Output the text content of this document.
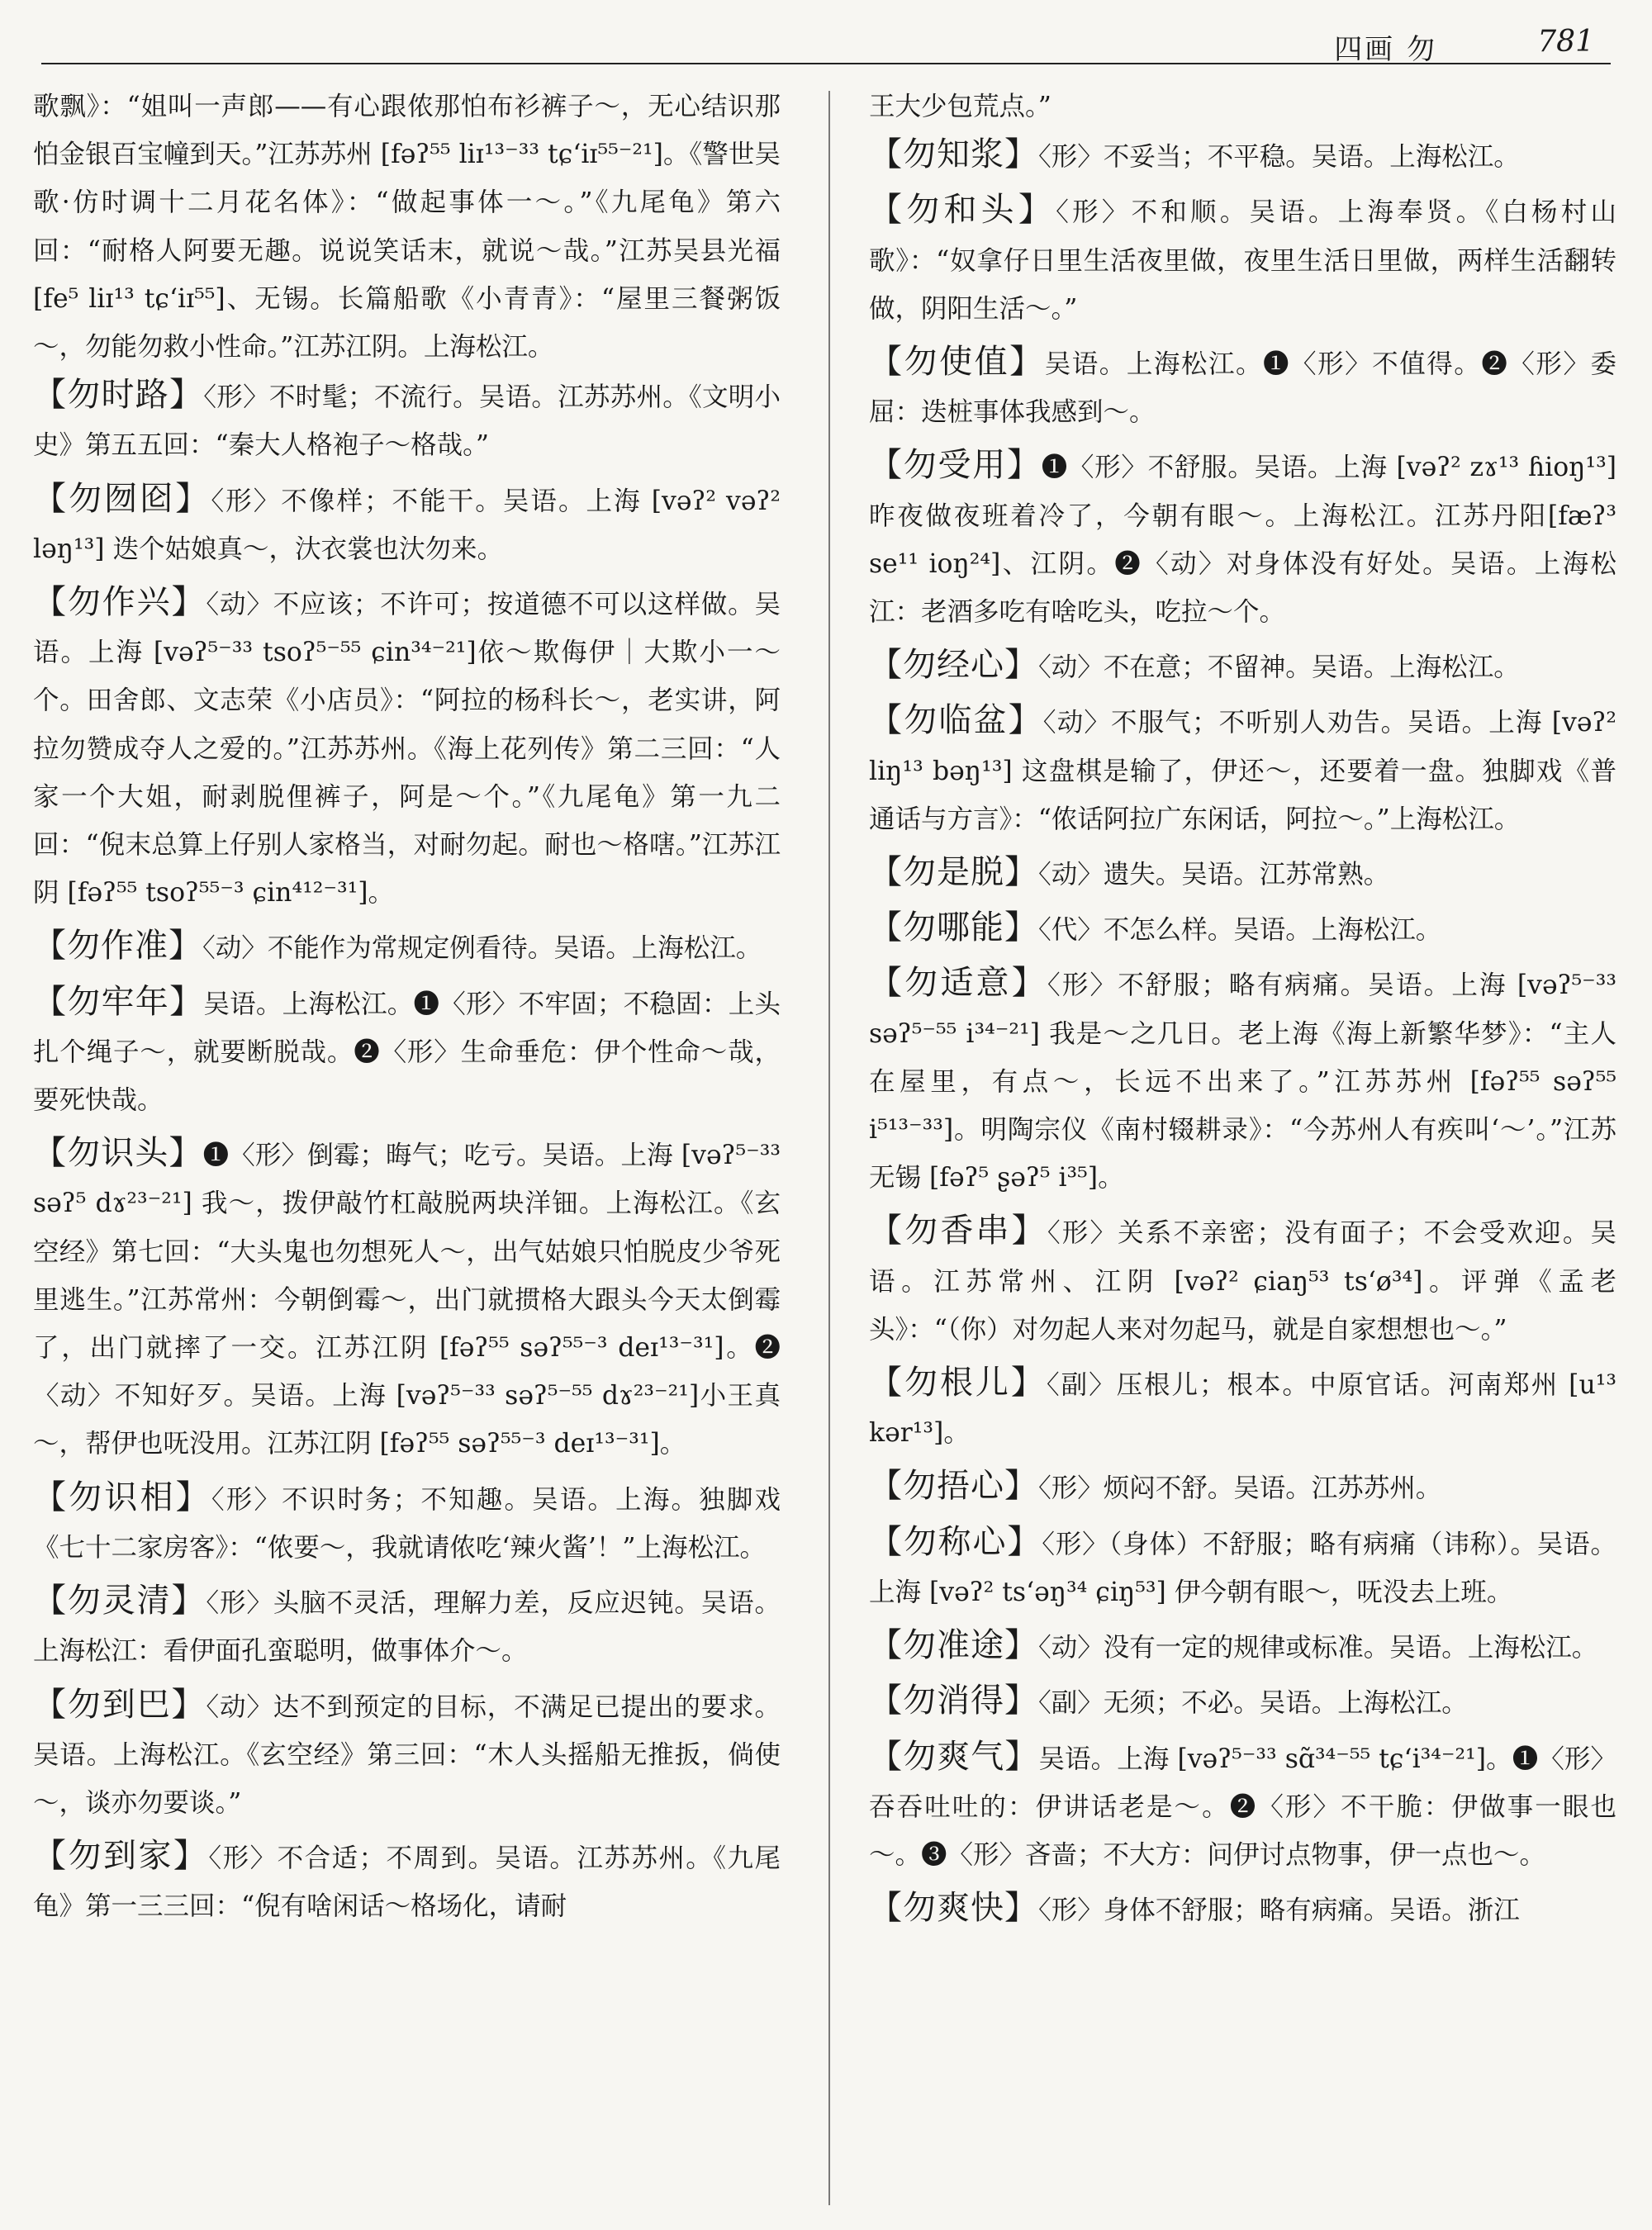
四画 勿	781

歌飘》：“姐叫一声郎——有心跟侬那怕布衫裤子～，无心结识那怕金银百宝幢到天。”江苏苏州 [fəʔ⁵⁵ liɪ¹³⁻³³ tɕʻiɪ⁵⁵⁻²¹]。《警世吴歌·仿时调十二月花名体》：“做起事体一～。”《九尾龟》第六回：“耐格人阿要无趣。说说笑话末，就说～哉。”江苏吴县光福 [fe⁵ liɪ¹³ tɕʻiɪ⁵⁵]、无锡。长篇船歌《小青青》：“屋里三餐粥饭～，勿能勿救小性命。”江苏江阴。上海松江。

【勿时路】〈形〉不时髦；不流行。吴语。江苏苏州。《文明小史》第五五回：“秦大人格袍子～格哉。”

【勿囫囵】〈形〉不像样；不能干。吴语。上海 [vəʔ² vəʔ² ləŋ¹³] 迭个姑娘真～，汏衣裳也汏勿来。

【勿作兴】〈动〉不应该；不许可；按道德不可以这样做。吴语。上海 [vəʔ⁵⁻³³ tsoʔ⁵⁻⁵⁵ ɕin³⁴⁻²¹]依～欺侮伊｜大欺小一～个。田舍郎、文志荣《小店员》：“阿拉的杨科长～，老实讲，阿拉勿赞成夺人之爱的。”江苏苏州。《海上花列传》第二三回：“人家一个大姐，耐剥脱俚裤子，阿是～个。”《九尾龟》第一九二回：“倪末总算上仔别人家格当，对耐勿起。耐也～格嗐。”江苏江阴 [fəʔ⁵⁵ tsoʔ⁵⁵⁻³ ɕin⁴¹²⁻³¹]。

【勿作准】〈动〉不能作为常规定例看待。吴语。上海松江。

【勿牢年】吴语。上海松江。❶〈形〉不牢固；不稳固：上头扎个绳子～，就要断脱哉。❷〈形〉生命垂危：伊个性命～哉，要死快哉。

【勿识头】❶〈形〉倒霉；晦气；吃亏。吴语。上海 [vəʔ⁵⁻³³ səʔ⁵ dɤ²³⁻²¹] 我～，拨伊敲竹杠敲脱两块洋钿。上海松江。《玄空经》第七回：“大头鬼也勿想死人～，出气姑娘只怕脱皮少爷死里逃生。”江苏常州：今朝倒霉～，出门就掼格大跟头今天太倒霉了，出门就摔了一交。江苏江阴 [fəʔ⁵⁵ səʔ⁵⁵⁻³ deɪ¹³⁻³¹]。❷〈动〉不知好歹。吴语。上海 [vəʔ⁵⁻³³ səʔ⁵⁻⁵⁵ dɤ²³⁻²¹]小王真～，帮伊也呒没用。江苏江阴 [fəʔ⁵⁵ səʔ⁵⁵⁻³ deɪ¹³⁻³¹]。

【勿识相】〈形〉不识时务；不知趣。吴语。上海。独脚戏《七十二家房客》：“侬要～，我就请侬吃‘辣火酱’！”上海松江。

【勿灵清】〈形〉头脑不灵活，理解力差，反应迟钝。吴语。上海松江：看伊面孔蛮聪明，做事体介～。

【勿到巴】〈动〉达不到预定的目标，不满足已提出的要求。吴语。上海松江。《玄空经》第三回：“木人头摇船无推扳，倘使～，谈亦勿要谈。”

【勿到家】〈形〉不合适；不周到。吴语。江苏苏州。《九尾龟》第一三三回：“倪有啥闲话～格场化，请耐

王大少包荒点。”

【勿知浆】〈形〉不妥当；不平稳。吴语。上海松江。

【勿和头】〈形〉不和顺。吴语。上海奉贤。《白杨村山歌》：“奴拿仔日里生活夜里做，夜里生活日里做，两样生活翻转做，阴阳生活～。”

【勿使值】吴语。上海松江。❶〈形〉不值得。❷〈形〉委屈：迭桩事体我感到～。

【勿受用】❶〈形〉不舒服。吴语。上海 [vəʔ² zɤ¹³ ɦioŋ¹³]昨夜做夜班着冷了，今朝有眼～。上海松江。江苏丹阳[fæʔ³ se¹¹ ioŋ²⁴]、江阴。❷〈动〉对身体没有好处。吴语。上海松江：老酒多吃有啥吃头，吃拉～个。

【勿经心】〈动〉不在意；不留神。吴语。上海松江。

【勿临盆】〈动〉不服气；不听别人劝告。吴语。上海 [vəʔ² liŋ¹³ bəŋ¹³] 这盘棋是输了，伊还～，还要着一盘。独脚戏《普通话与方言》：“侬话阿拉广东闲话，阿拉～。”上海松江。

【勿是脱】〈动〉遗失。吴语。江苏常熟。

【勿哪能】〈代〉不怎么样。吴语。上海松江。

【勿适意】〈形〉不舒服；略有病痛。吴语。上海 [vəʔ⁵⁻³³ səʔ⁵⁻⁵⁵ i³⁴⁻²¹] 我是～之几日。老上海《海上新繁华梦》：“主人在屋里，有点～，长远不出来了。”江苏苏州 [fəʔ⁵⁵ səʔ⁵⁵ i⁵¹³⁻³³]。明陶宗仪《南村辍耕录》：“今苏州人有疾叫‘～’。”江苏无锡 [fəʔ⁵ ʂəʔ⁵ i³⁵]。

【勿香串】〈形〉关系不亲密；没有面子；不会受欢迎。吴语。江苏常州、江阴 [vəʔ² ɕiaŋ⁵³ tsʻø³⁴]。评弹《孟老头》：“（你）对勿起人来对勿起马，就是自家想想也～。”

【勿根儿】〈副〉压根儿；根本。中原官话。河南郑州 [u¹³ kər¹³]。

【勿捂心】〈形〉烦闷不舒。吴语。江苏苏州。

【勿称心】〈形〉（身体）不舒服；略有病痛（讳称）。吴语。上海 [vəʔ² tsʻəŋ³⁴ ɕiŋ⁵³] 伊今朝有眼～，呒没去上班。

【勿准途】〈动〉没有一定的规律或标准。吴语。上海松江。

【勿消得】〈副〉无须；不必。吴语。上海松江。

【勿爽气】吴语。上海 [vəʔ⁵⁻³³ sɑ̃³⁴⁻⁵⁵ tɕʻi³⁴⁻²¹]。❶〈形〉吞吞吐吐的：伊讲话老是～。❷〈形〉不干脆：伊做事一眼也～。❸〈形〉吝啬；不大方：问伊讨点物事，伊一点也～。

【勿爽快】〈形〉身体不舒服；略有病痛。吴语。浙江
